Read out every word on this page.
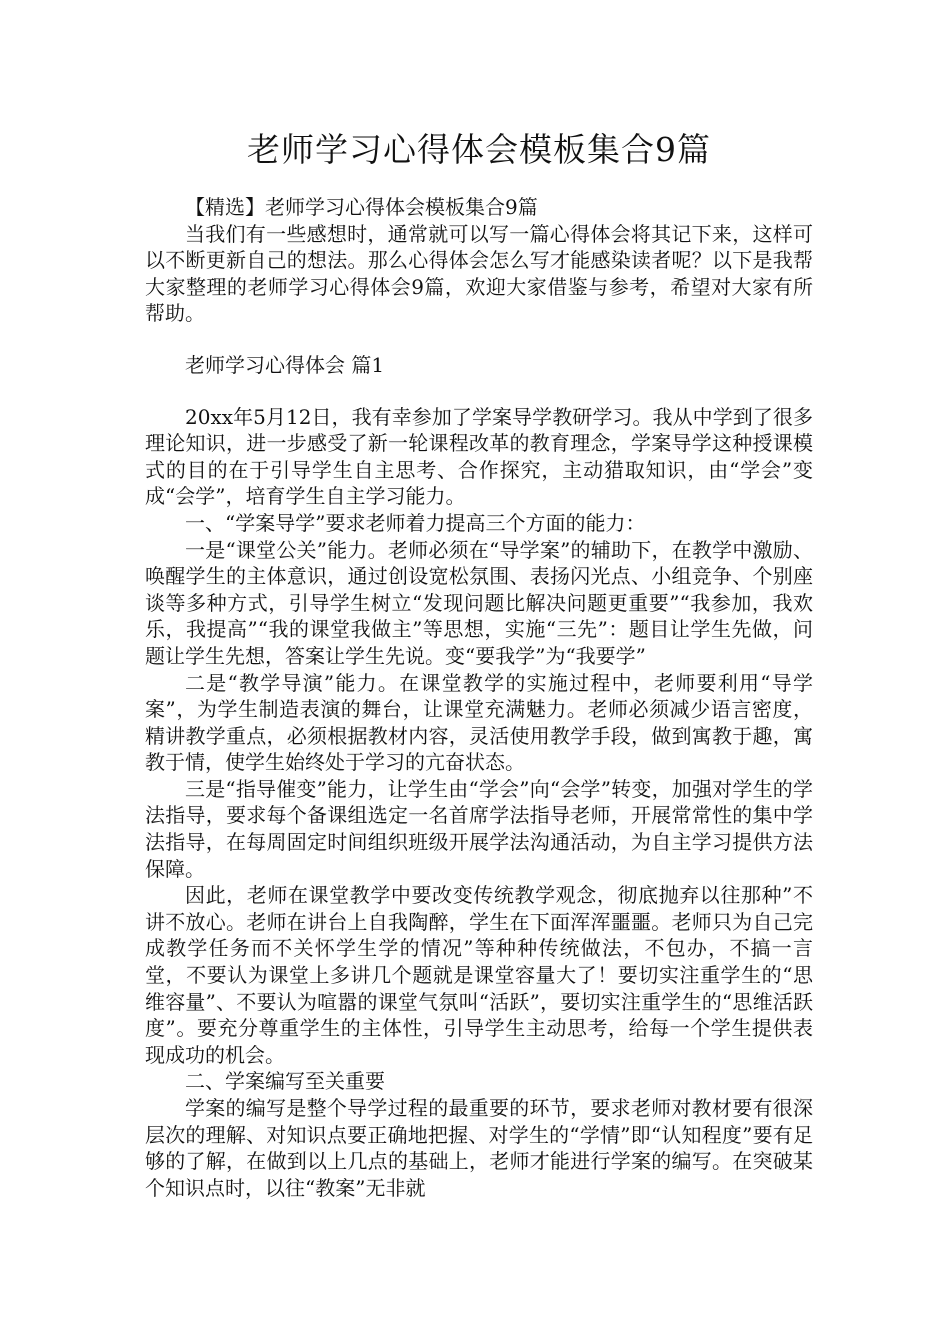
老师学习心得体会模板集合9篇

【精选】老师学习心得体会模板集合9篇

当我们有一些感想时，通常就可以写一篇心得体会将其记下来，这样可以不断更新自己的想法。那么心得体会怎么写才能感染读者呢？以下是我帮大家整理的老师学习心得体会9篇，欢迎大家借鉴与参考，希望对大家有所帮助。

老师学习心得体会 篇1

20xx年5月12日，我有幸参加了学案导学教研学习。我从中学到了很多理论知识，进一步感受了新一轮课程改革的教育理念，学案导学这种授课模式的目的在于引导学生自主思考、合作探究，主动猎取知识，由“学会”变成“会学”，培育学生自主学习能力。

一、“学案导学”要求老师着力提高三个方面的能力：

一是“课堂公关”能力。老师必须在“导学案”的辅助下，在教学中激励、唤醒学生的主体意识，通过创设宽松氛围、表扬闪光点、小组竞争、个别座谈等多种方式，引导学生树立“发现问题比解决问题更重要”“我参加，我欢乐，我提高”“我的课堂我做主”等思想，实施“三先”：题目让学生先做，问题让学生先想，答案让学生先说。变“要我学”为“我要学”

二是“教学导演”能力。在课堂教学的实施过程中，老师要利用“导学案”，为学生制造表演的舞台，让课堂充满魅力。老师必须减少语言密度，精讲教学重点，必须根据教材内容，灵活使用教学手段，做到寓教于趣，寓教于情，使学生始终处于学习的亢奋状态。

三是“指导催变”能力，让学生由“学会”向“会学”转变，加强对学生的学法指导，要求每个备课组选定一名首席学法指导老师，开展常常性的集中学法指导，在每周固定时间组织班级开展学法沟通活动，为自主学习提供方法保障。

因此，老师在课堂教学中要改变传统教学观念，彻底抛弃以往那种”不讲不放心。老师在讲台上自我陶醉，学生在下面浑浑噩噩。老师只为自己完成教学任务而不关怀学生学的情况”等种种传统做法，不包办，不搞一言堂，不要认为课堂上多讲几个题就是课堂容量大了！要切实注重学生的“思维容量”、不要认为喧嚣的课堂气氛叫“活跃”，要切实注重学生的“思维活跃度”。要充分尊重学生的主体性，引导学生主动思考，给每一个学生提供表现成功的机会。

二、学案编写至关重要

学案的编写是整个导学过程的最重要的环节，要求老师对教材要有很深层次的理解、对知识点要正确地把握、对学生的“学情”即“认知程度”要有足够的了解，在做到以上几点的基础上，老师才能进行学案的编写。在突破某个知识点时，以往“教案”无非就
